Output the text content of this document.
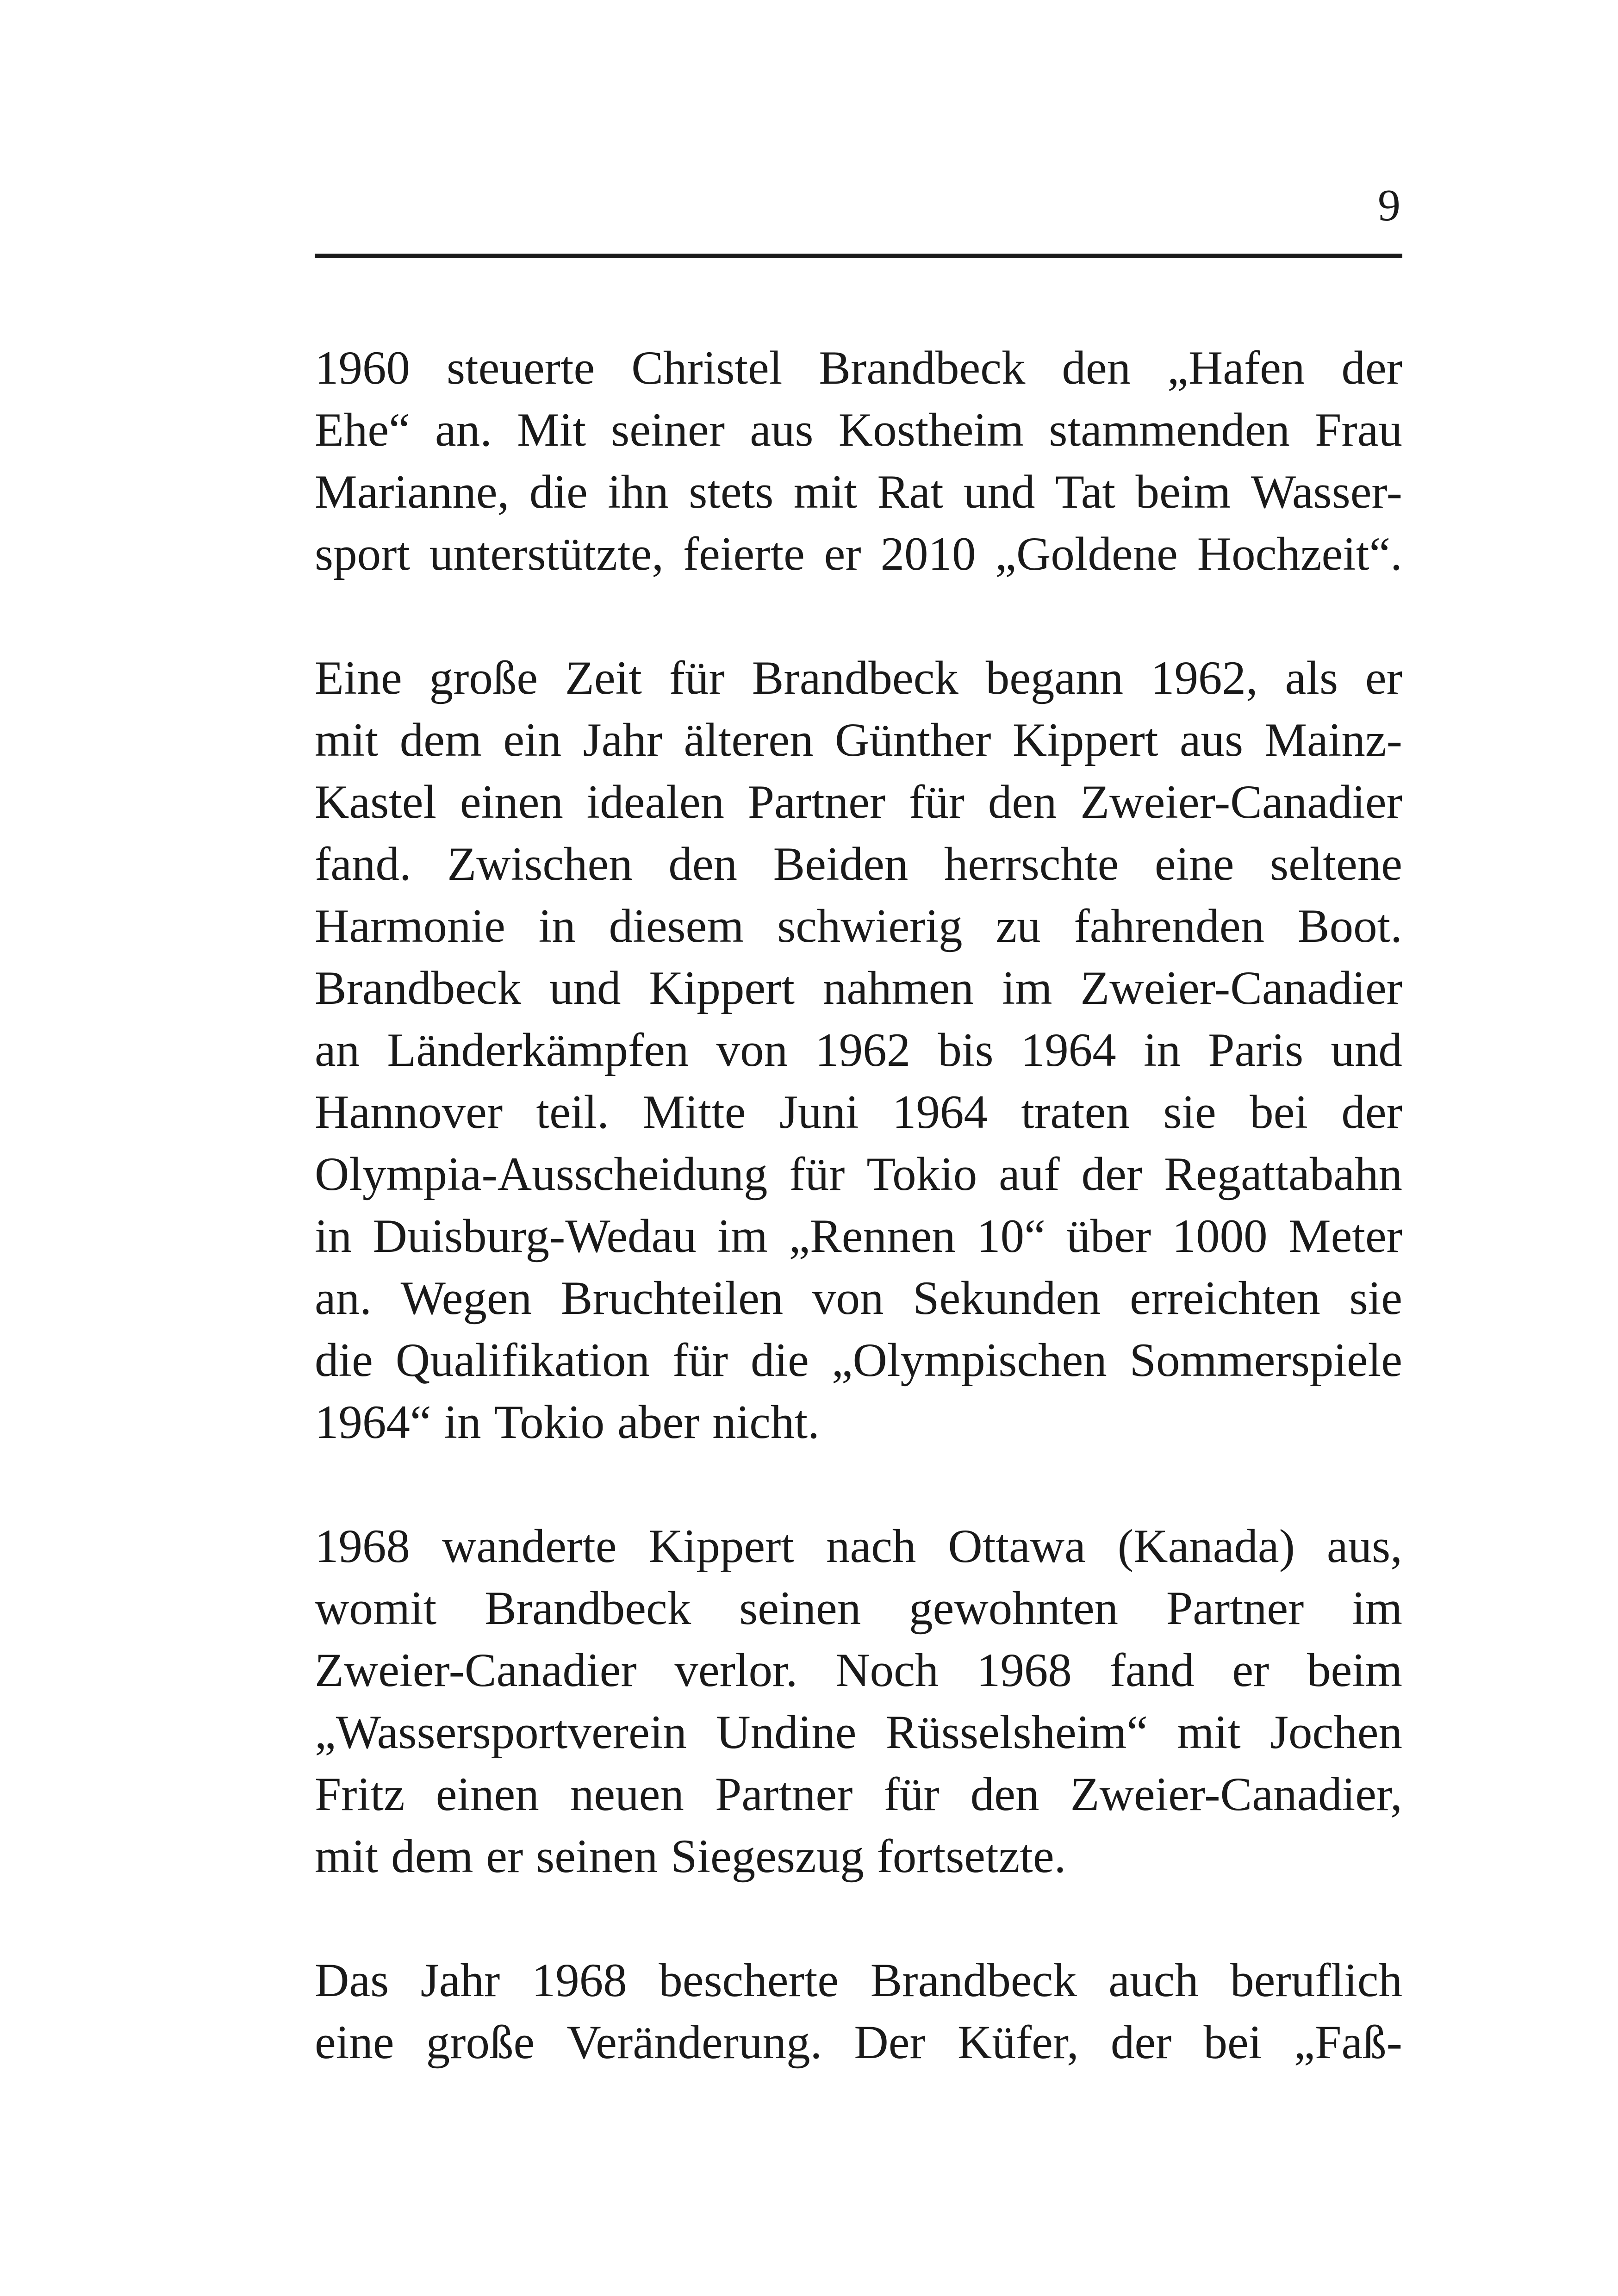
9
1960 steuerte Christel Brandbeck den „Hafen der
Ehe“ an. Mit seiner aus Kostheim stammenden Frau
Marianne, die ihn stets mit Rat und Tat beim Wasser-
sport unterstützte, feierte er 2010 „Goldene Hochzeit“.
Eine große Zeit für Brandbeck begann 1962, als er
mit dem ein Jahr älteren Günther Kippert aus Mainz-
Kastel einen idealen Partner für den Zweier-Canadier
fand. Zwischen den Beiden herrschte eine seltene
Harmonie in diesem schwierig zu fahrenden Boot.
Brandbeck und Kippert nahmen im Zweier-Canadier
an Länderkämpfen von 1962 bis 1964 in Paris und
Hannover teil. Mitte Juni 1964 traten sie bei der
Olympia-Ausscheidung für Tokio auf der Regattabahn
in Duisburg-Wedau im „Rennen 10“ über 1000 Meter
an. Wegen Bruchteilen von Sekunden erreichten sie
die Qualifikation für die „Olympischen Sommerspiele
1964“ in Tokio aber nicht.
1968 wanderte Kippert nach Ottawa (Kanada) aus,
womit Brandbeck seinen gewohnten Partner im
Zweier-Canadier verlor. Noch 1968 fand er beim
„Wassersportverein Undine Rüsselsheim“ mit Jochen
Fritz einen neuen Partner für den Zweier-Canadier,
mit dem er seinen Siegeszug fortsetzte.
Das Jahr 1968 bescherte Brandbeck auch beruflich
eine große Veränderung. Der Küfer, der bei „Faß-
